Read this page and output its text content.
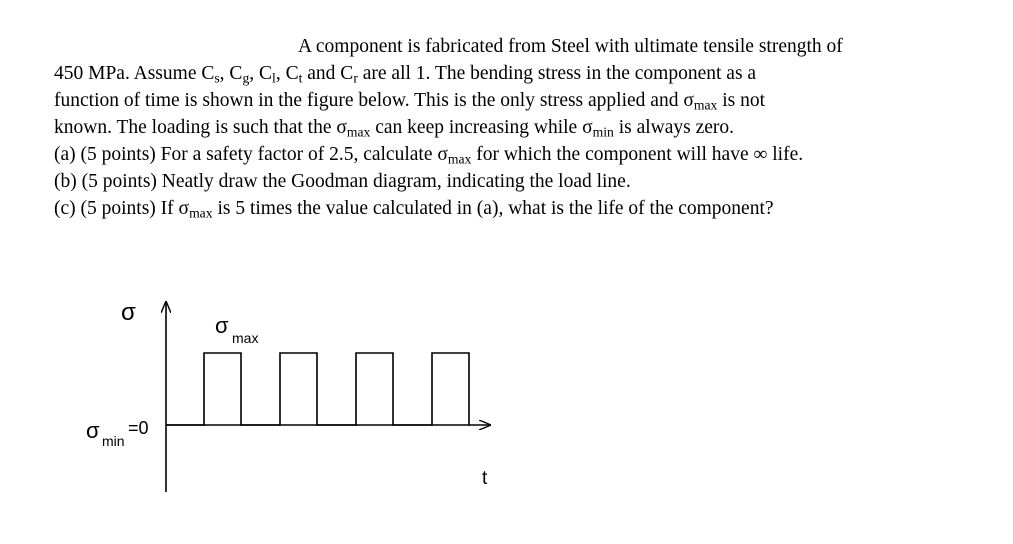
A component is fabricated from Steel with ultimate tensile strength of
450 MPa. Assume $C_s$, $C_g$, $C_l$, $C_t$ and $C_r$ are all 1. The bending stress in the component as a
function of time is shown in the figure below. This is the only stress applied and $\sigma_{max}$ is not
known. The loading is such that the $\sigma_{max}$ can keep increasing while $\sigma_{min}$ is always zero.
(a) (5 points) For a safety factor of 2.5, calculate $\sigma_{max}$ for which the component will have ∞ life.
(b) (5 points) Neatly draw the Goodman diagram, indicating the load line.
(c) (5 points) If $\sigma_{max}$ is 5 times the value calculated in (a), what is the life of the component?
σ
t
σ max
σ min
=0
